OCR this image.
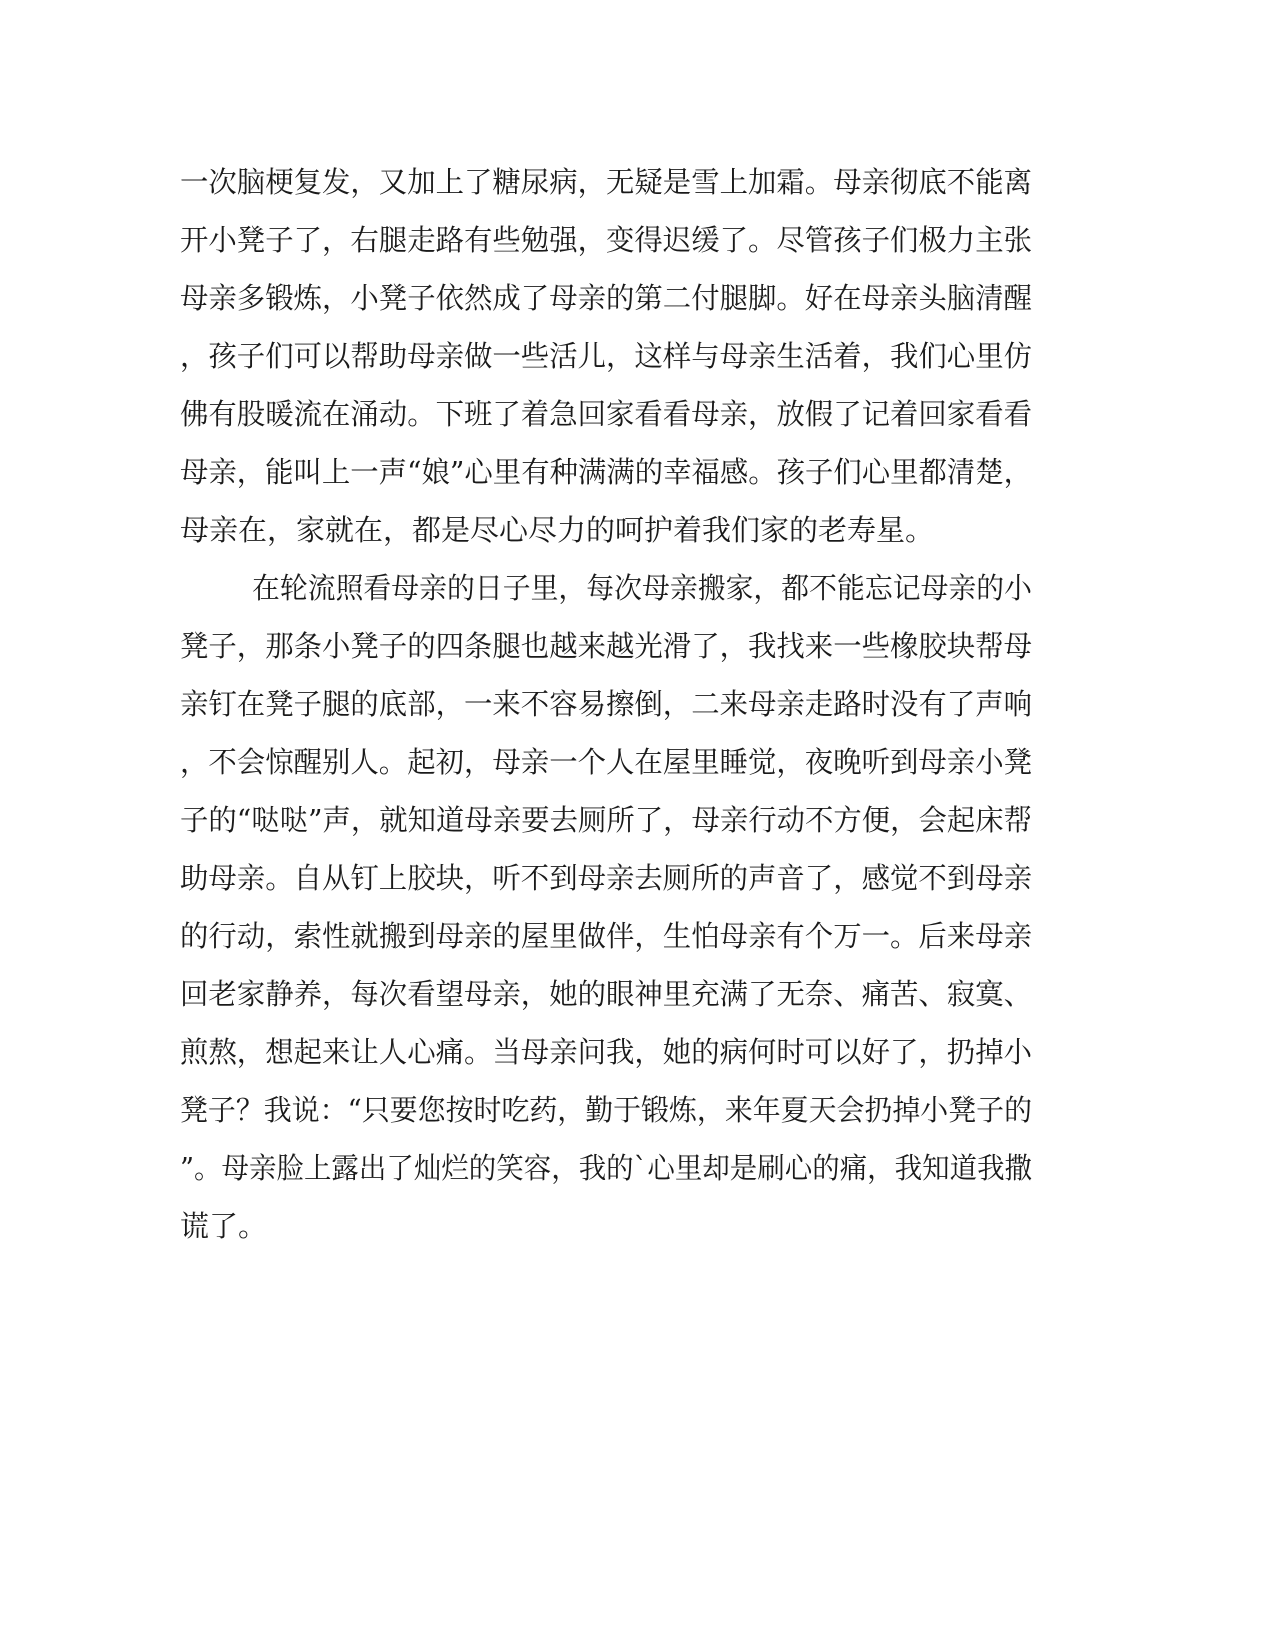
一次脑梗复发，又加上了糖尿病，无疑是雪上加霜。母亲彻底不能离
开小凳子了，右腿走路有些勉强，变得迟缓了。尽管孩子们极力主张
母亲多锻炼，小凳子依然成了母亲的第二付腿脚。好在母亲头脑清醒
，孩子们可以帮助母亲做一些活儿，这样与母亲生活着，我们心里仿
佛有股暖流在涌动。下班了着急回家看看母亲，放假了记着回家看看
母亲，能叫上一声“娘”心里有种满满的幸福感。孩子们心里都清楚，
母亲在，家就在，都是尽心尽力的呵护着我们家的老寿星。
在轮流照看母亲的日子里，每次母亲搬家，都不能忘记母亲的小
凳子，那条小凳子的四条腿也越来越光滑了，我找来一些橡胶块帮母
亲钉在凳子腿的底部，一来不容易擦倒，二来母亲走路时没有了声响
，不会惊醒别人。起初，母亲一个人在屋里睡觉，夜晚听到母亲小凳
子的“哒哒”声，就知道母亲要去厕所了，母亲行动不方便，会起床帮
助母亲。自从钉上胶块，听不到母亲去厕所的声音了，感觉不到母亲
的行动，索性就搬到母亲的屋里做伴，生怕母亲有个万一。后来母亲
回老家静养，每次看望母亲，她的眼神里充满了无奈、痛苦、寂寞、
煎熬，想起来让人心痛。当母亲问我，她的病何时可以好了，扔掉小
凳子？我说：“只要您按时吃药，勤于锻炼，来年夏天会扔掉小凳子的
”。母亲脸上露出了灿烂的笑容，我的`心里却是刷心的痛，我知道我撒
谎了。
